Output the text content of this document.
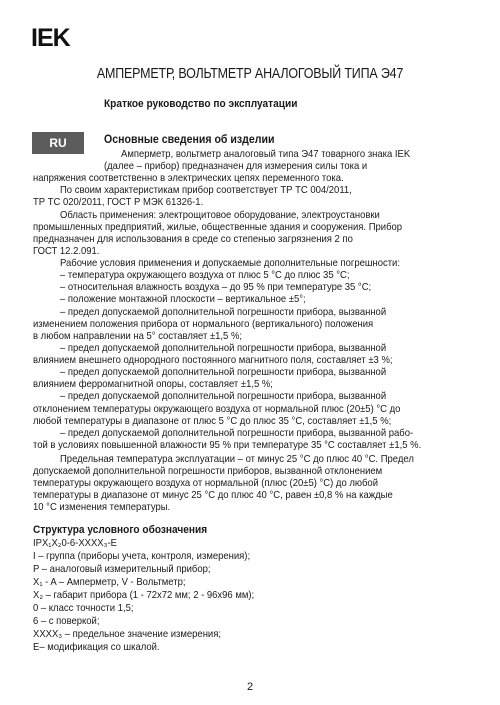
IEK
АМПЕРМЕТР, ВОЛЬТМЕТР АНАЛОГОВЫЙ ТИПА Э47
Краткое руководство по эксплуатации
RU	Основные сведения об изделии
Амперметр, вольтметр аналоговый типа Э47 товарного знака IEK
(далее – прибор) предназначен для измерения силы тока и
напряжения соответственно в электрических цепях переменного тока.
По своим характеристикам прибор соответствует ТР ТС 004/2011,
ТР ТС 020/2011, ГОСТ Р МЭК 61326-1.
Область применения: электрощитовое оборудование, электроустановки
промышленных предприятий, жилые, общественные здания и сооружения. Прибор
предназначен для использования в среде со степенью загрязнения 2 по
ГОСТ 12.2.091.
Рабочие условия применения и допускаемые дополнительные погрешности:
– температура окружающего воздуха от плюс 5 °С до плюс 35 °С;
– относительная влажность воздуха – до 95 % при температуре 35 °С;
– положение монтажной плоскости – вертикальное ±5°;
– предел допускаемой дополнительной погрешности прибора, вызванной
изменением положения прибора от нормального (вертикального) положения
в любом направлении на 5° составляет ±1,5 %;
– предел допускаемой дополнительной погрешности прибора, вызванной
влиянием внешнего однородного постоянного магнитного поля, составляет ±3 %;
– предел допускаемой дополнительной погрешности прибора, вызванной
влиянием ферромагнитной опоры, составляет ±1,5 %;
– предел допускаемой дополнительной погрешности прибора, вызванной
отклонением температуры окружающего воздуха от нормальной плюс (20±5) °С до
любой температуры в диапазоне от плюс 5 °С до плюс 35 °С, составляет ±1,5 %;
– предел допускаемой дополнительной погрешности прибора, вызванной рабо-
той в условиях повышенной влажности 95 % при температуре 35 °С составляет ±1,5 %.
Предельная температура эксплуатации – от минус 25 °С до плюс 40 °С. Предел
допускаемой дополнительной погрешности приборов, вызванной отклонением
температуры окружающего воздуха от нормальной (плюс (20±5) °С) до любой
температуры в диапазоне от минус 25 °С до плюс 40 °С, равен ±0,8 % на каждые
10 °С изменения температуры.
Структура условного обозначения
IPX₁X₂0-6-XXXX₃-E
I – группа (приборы учета, контроля, измерения);
P – аналоговый измерительный прибор;
X₁ - A – Амперметр, V - Вольтметр;
X₂ – габарит прибора (1 - 72х72 мм; 2 - 96х96 мм);
0 – класс точности 1,5;
6 – с поверкой;
XXXX₃ – предельное значение измерения;
E– модификация со шкалой.
2
